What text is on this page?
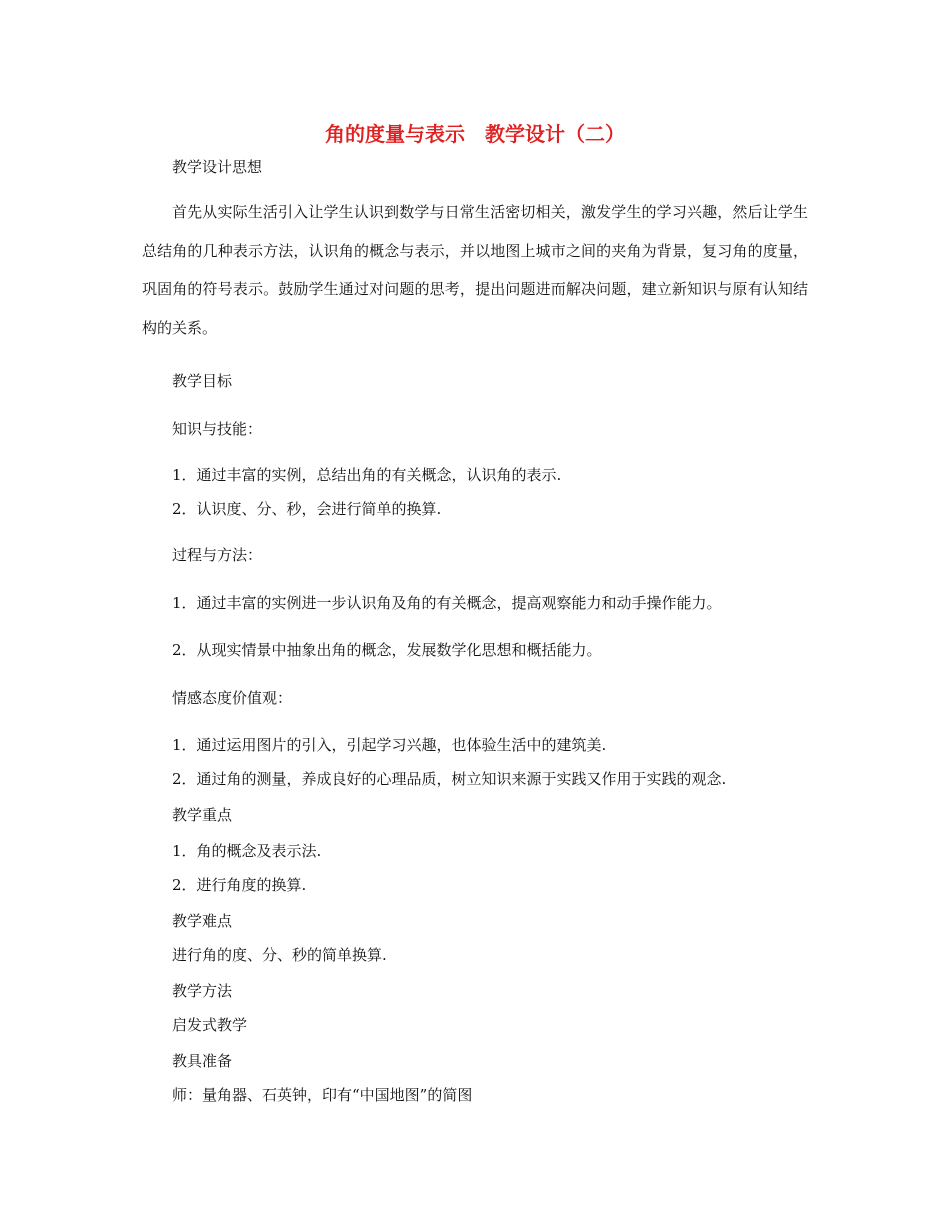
角的度量与表示　教学设计（二）
教学设计思想
首先从实际生活引入让学生认识到数学与日常生活密切相关，激发学生的学习兴趣，然后让学生总结角的几种表示方法，认识角的概念与表示，并以地图上城市之间的夹角为背景，复习角的度量，巩固角的符号表示。鼓励学生通过对问题的思考，提出问题进而解决问题，建立新知识与原有认知结构的关系。
教学目标
知识与技能：
1．通过丰富的实例，总结出角的有关概念，认识角的表示.
2．认识度、分、秒，会进行简单的换算.
过程与方法：
1．通过丰富的实例进一步认识角及角的有关概念，提高观察能力和动手操作能力。
2．从现实情景中抽象出角的概念，发展数学化思想和概括能力。
情感态度价值观：
1．通过运用图片的引入，引起学习兴趣，也体验生活中的建筑美.
2．通过角的测量，养成良好的心理品质，树立知识来源于实践又作用于实践的观念.
教学重点
1．角的概念及表示法.
2．进行角度的换算.
教学难点
进行角的度、分、秒的简单换算.
教学方法
启发式教学
教具准备
师：量角器、石英钟，印有“中国地图”的简图
